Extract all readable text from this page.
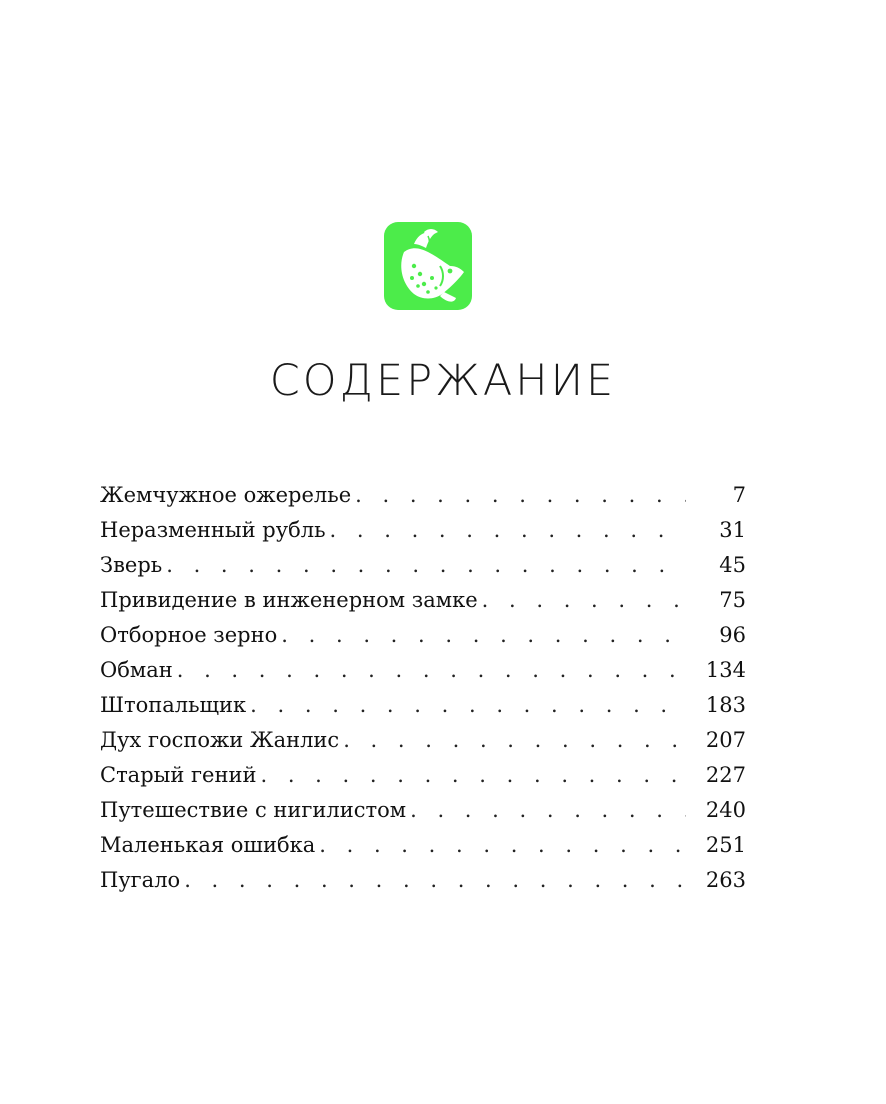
СОДЕРЖАНИЕ
Жемчужное ожерелье . . .	7
Неразменный рубль . . .	31
Зверь . . .	45
Привидение в инженерном замке . . .	75
Отборное зерно . . .	96
Обман . . .	134
Штопальщик . . .	183
Дух госпожи Жанлис . . .	207
Старый гений . . .	227
Путешествие с нигилистом . . .	240
Маленькая ошибка . . .	251
Пугало . . .	263
